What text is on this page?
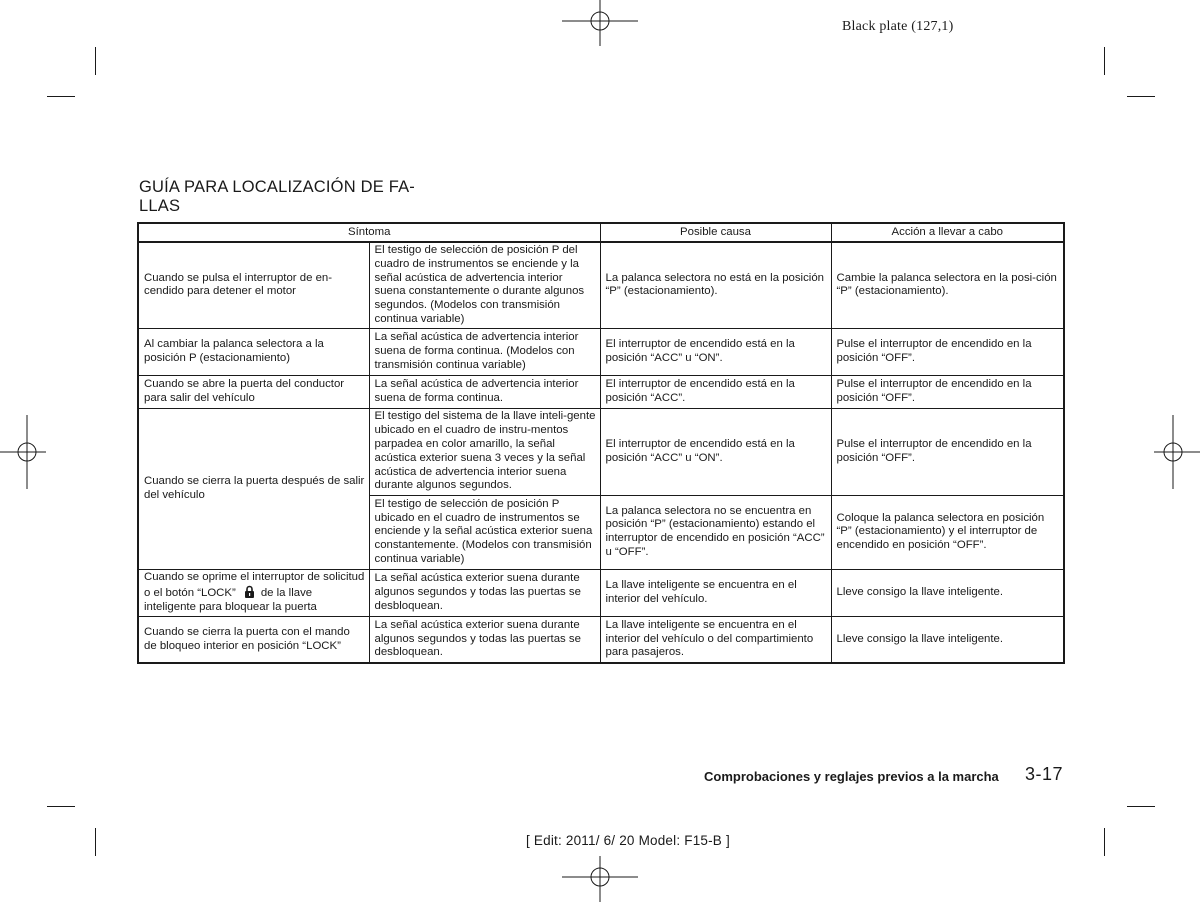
Black plate (127,1)
GUÍA PARA LOCALIZACIÓN DE FA-
LLAS
Síntoma		Posible causa	Acción a llevar a cabo
Cuando se pulsa el interruptor de en-cendido para detener el motor	El testigo de selección de posición P del cuadro de instrumentos se enciende y la señal acústica de advertencia interior suena constantemente o durante algunos segundos. (Modelos con transmisión continua variable)	La palanca selectora no está en la posición “P” (estacionamiento).	Cambie la palanca selectora en la posi-ción “P” (estacionamiento).
Al cambiar la palanca selectora a la posición P (estacionamiento)	La señal acústica de advertencia interior suena de forma continua. (Modelos con transmisión continua variable)	El interruptor de encendido está en la posición “ACC” u “ON”.	Pulse el interruptor de encendido en la posición “OFF”.
Cuando se abre la puerta del conductor para salir del vehículo	La señal acústica de advertencia interior suena de forma continua.	El interruptor de encendido está en la posición “ACC”.	Pulse el interruptor de encendido en la posición “OFF”.
Cuando se cierra la puerta después de salir del vehículo	El testigo del sistema de la llave inteli-gente ubicado en el cuadro de instru-mentos parpadea en color amarillo, la señal acústica exterior suena 3 veces y la señal acústica de advertencia interior suena durante algunos segundos.	El interruptor de encendido está en la posición “ACC” u “ON”.	Pulse el interruptor de encendido en la posición “OFF”.
	El testigo de selección de posición P ubicado en el cuadro de instrumentos se enciende y la señal acústica exterior suena constantemente. (Modelos con transmisión continua variable)	La palanca selectora no se encuentra en posición “P” (estacionamiento) estando el interruptor de encendido en posición “ACC” u “OFF”.	Coloque la palanca selectora en posición “P” (estacionamiento) y el interruptor de encendido en posición “OFF”.
Cuando se oprime el interruptor de solicitud o el botón “LOCK” de la llave inteligente para bloquear la puerta	La señal acústica exterior suena durante algunos segundos y todas las puertas se desbloquean.	La llave inteligente se encuentra en el interior del vehículo.	Lleve consigo la llave inteligente.
Cuando se cierra la puerta con el mando de bloqueo interior en posición “LOCK”	La señal acústica exterior suena durante algunos segundos y todas las puertas se desbloquean.	La llave inteligente se encuentra en el interior del vehículo o del compartimiento para pasajeros.	Lleve consigo la llave inteligente.
Comprobaciones y reglajes previos a la marcha 3-17
[ Edit: 2011/ 6/ 20 Model: F15-B ]
